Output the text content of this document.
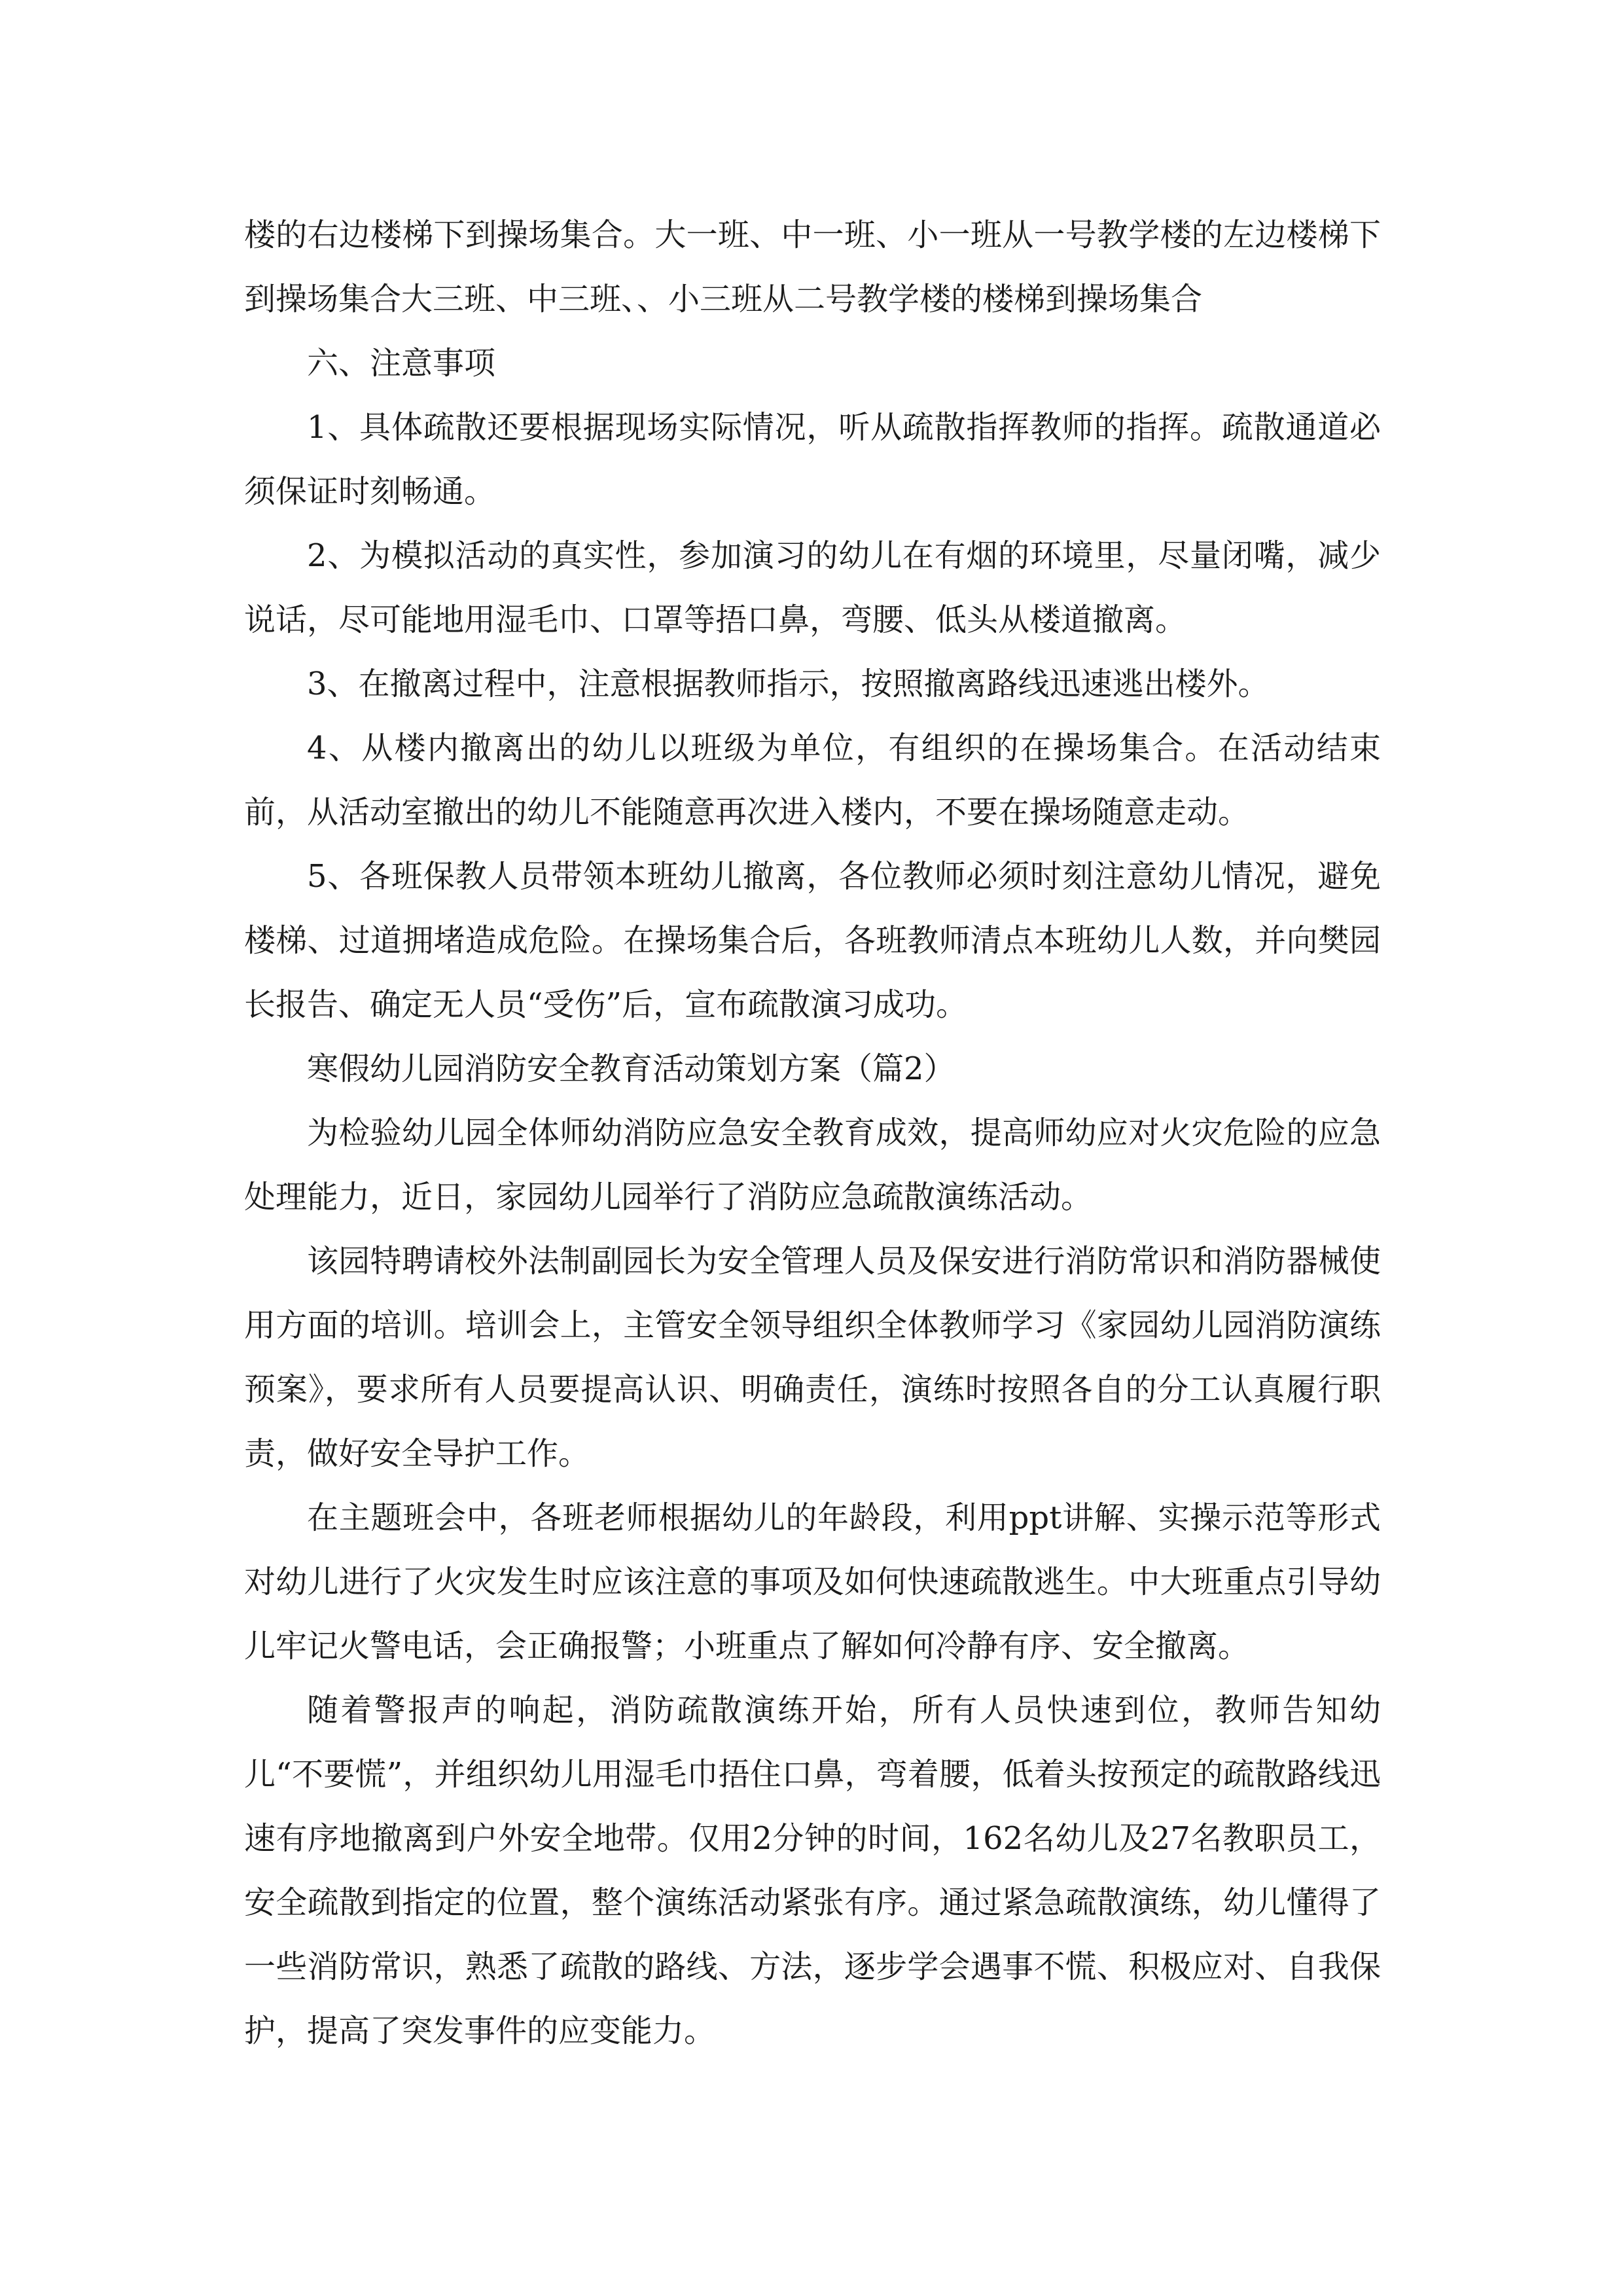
楼的右边楼梯下到操场集合。大一班、中一班、小一班从一号教学楼的左边楼梯下到操场集合大三班、中三班、、小三班从二号教学楼的楼梯到操场集合

六、注意事项

1、具体疏散还要根据现场实际情况，听从疏散指挥教师的指挥。疏散通道必须保证时刻畅通。

2、为模拟活动的真实性，参加演习的幼儿在有烟的环境里，尽量闭嘴，减少说话，尽可能地用湿毛巾、口罩等捂口鼻，弯腰、低头从楼道撤离。

3、在撤离过程中，注意根据教师指示，按照撤离路线迅速逃出楼外。

4、从楼内撤离出的幼儿以班级为单位，有组织的在操场集合。在活动结束前，从活动室撤出的幼儿不能随意再次进入楼内，不要在操场随意走动。

5、各班保教人员带领本班幼儿撤离，各位教师必须时刻注意幼儿情况，避免楼梯、过道拥堵造成危险。在操场集合后，各班教师清点本班幼儿人数，并向樊园长报告、确定无人员“受伤”后，宣布疏散演习成功。

寒假幼儿园消防安全教育活动策划方案（篇2）

为检验幼儿园全体师幼消防应急安全教育成效，提高师幼应对火灾危险的应急处理能力，近日，家园幼儿园举行了消防应急疏散演练活动。

该园特聘请校外法制副园长为安全管理人员及保安进行消防常识和消防器械使用方面的培训。培训会上，主管安全领导组织全体教师学习《家园幼儿园消防演练预案》，要求所有人员要提高认识、明确责任，演练时按照各自的分工认真履行职责，做好安全导护工作。

在主题班会中，各班老师根据幼儿的年龄段，利用ppt讲解、实操示范等形式对幼儿进行了火灾发生时应该注意的事项及如何快速疏散逃生。中大班重点引导幼儿牢记火警电话，会正确报警；小班重点了解如何冷静有序、安全撤离。

随着警报声的响起，消防疏散演练开始，所有人员快速到位，教师告知幼儿“不要慌”，并组织幼儿用湿毛巾捂住口鼻，弯着腰，低着头按预定的疏散路线迅速有序地撤离到户外安全地带。仅用2分钟的时间，162名幼儿及27名教职员工，安全疏散到指定的位置，整个演练活动紧张有序。通过紧急疏散演练，幼儿懂得了一些消防常识，熟悉了疏散的路线、方法，逐步学会遇事不慌、积极应对、自我保护，提高了突发事件的应变能力。
